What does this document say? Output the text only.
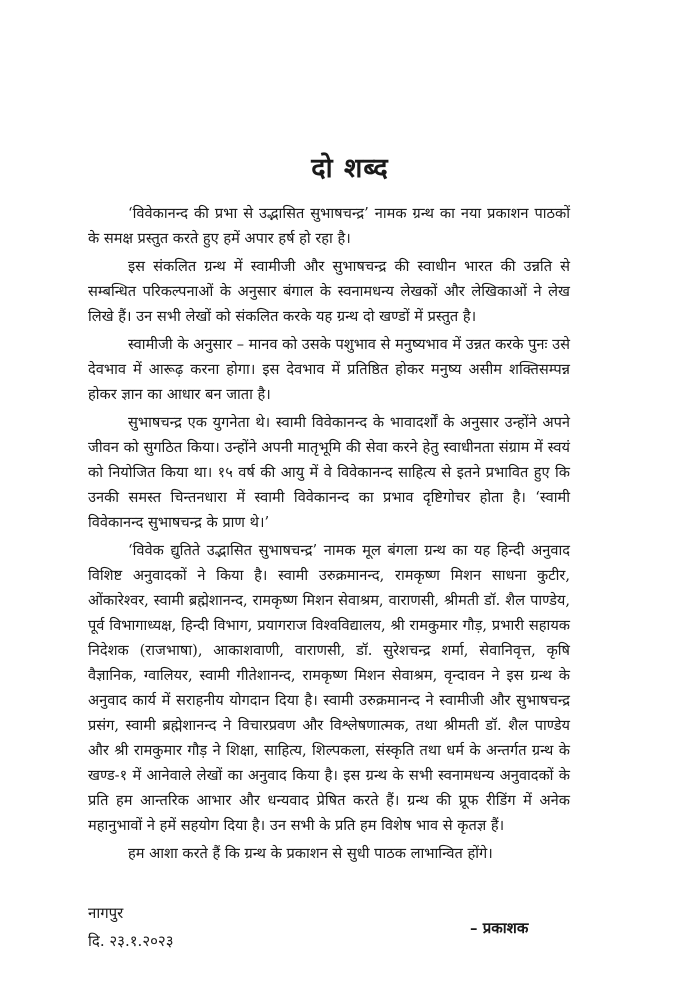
दो शब्द

‘विवेकानन्द की प्रभा से उद्भासित सुभाषचन्द्र’ नामक ग्रन्थ का नया प्रकाशन पाठकों के समक्ष प्रस्तुत करते हुए हमें अपार हर्ष हो रहा है।

इस संकलित ग्रन्थ में स्वामीजी और सुभाषचन्द्र की स्वाधीन भारत की उन्नति से सम्बन्धित परिकल्पनाओं के अनुसार बंगाल के स्वनामधन्य लेखकों और लेखिकाओं ने लेख लिखे हैं। उन सभी लेखों को संकलित करके यह ग्रन्थ दो खण्डों में प्रस्तुत है।

स्वामीजी के अनुसार – मानव को उसके पशुभाव से मनुष्यभाव में उन्नत करके पुनः उसे देवभाव में आरूढ़ करना होगा। इस देवभाव में प्रतिष्ठित होकर मनुष्य असीम शक्तिसम्पन्न होकर ज्ञान का आधार बन जाता है।

सुभाषचन्द्र एक युगनेता थे। स्वामी विवेकानन्द के भावादर्शों के अनुसार उन्होंने अपने जीवन को सुगठित किया। उन्होंने अपनी मातृभूमि की सेवा करने हेतु स्वाधीनता संग्राम में स्वयं को नियोजित किया था। १५ वर्ष की आयु में वे विवेकानन्द साहित्य से इतने प्रभावित हुए कि उनकी समस्त चिन्तनधारा में स्वामी विवेकानन्द का प्रभाव दृष्टिगोचर होता है। ‘स्वामी विवेकानन्द सुभाषचन्द्र के प्राण थे।’

‘विवेक द्युतिते उद्भासित सुभाषचन्द्र’ नामक मूल बंगला ग्रन्थ का यह हिन्दी अनुवाद विशिष्ट अनुवादकों ने किया है। स्वामी उरुक्रमानन्द, रामकृष्ण मिशन साधना कुटीर, ओंकारेश्वर, स्वामी ब्रह्मेशानन्द, रामकृष्ण मिशन सेवाश्रम, वाराणसी, श्रीमती डॉ. शैल पाण्डेय, पूर्व विभागाध्यक्ष, हिन्दी विभाग, प्रयागराज विश्वविद्यालय, श्री रामकुमार गौड़, प्रभारी सहायक निदेशक (राजभाषा), आकाशवाणी, वाराणसी, डॉ. सुरेशचन्द्र शर्मा, सेवानिवृत्त, कृषि वैज्ञानिक, ग्वालियर, स्वामी गीतेशानन्द, रामकृष्ण मिशन सेवाश्रम, वृन्दावन ने इस ग्रन्थ के अनुवाद कार्य में सराहनीय योगदान दिया है। स्वामी उरुक्रमानन्द ने स्वामीजी और सुभाषचन्द्र प्रसंग, स्वामी ब्रह्मेशानन्द ने विचारप्रवण और विश्लेषणात्मक, तथा श्रीमती डॉ. शैल पाण्डेय और श्री रामकुमार गौड़ ने शिक्षा, साहित्य, शिल्पकला, संस्कृति तथा धर्म के अन्तर्गत ग्रन्थ के खण्ड-१ में आनेवाले लेखों का अनुवाद किया है। इस ग्रन्थ के सभी स्वनामधन्य अनुवादकों के प्रति हम आन्तरिक आभार और धन्यवाद प्रेषित करते हैं। ग्रन्थ की प्रूफ रीडिंग में अनेक महानुभावों ने हमें सहयोग दिया है। उन सभी के प्रति हम विशेष भाव से कृतज्ञ हैं।

हम आशा करते हैं कि ग्रन्थ के प्रकाशन से सुधी पाठक लाभान्वित होंगे।

नागपुर
दि. २३.१.२०२३
– प्रकाशक
